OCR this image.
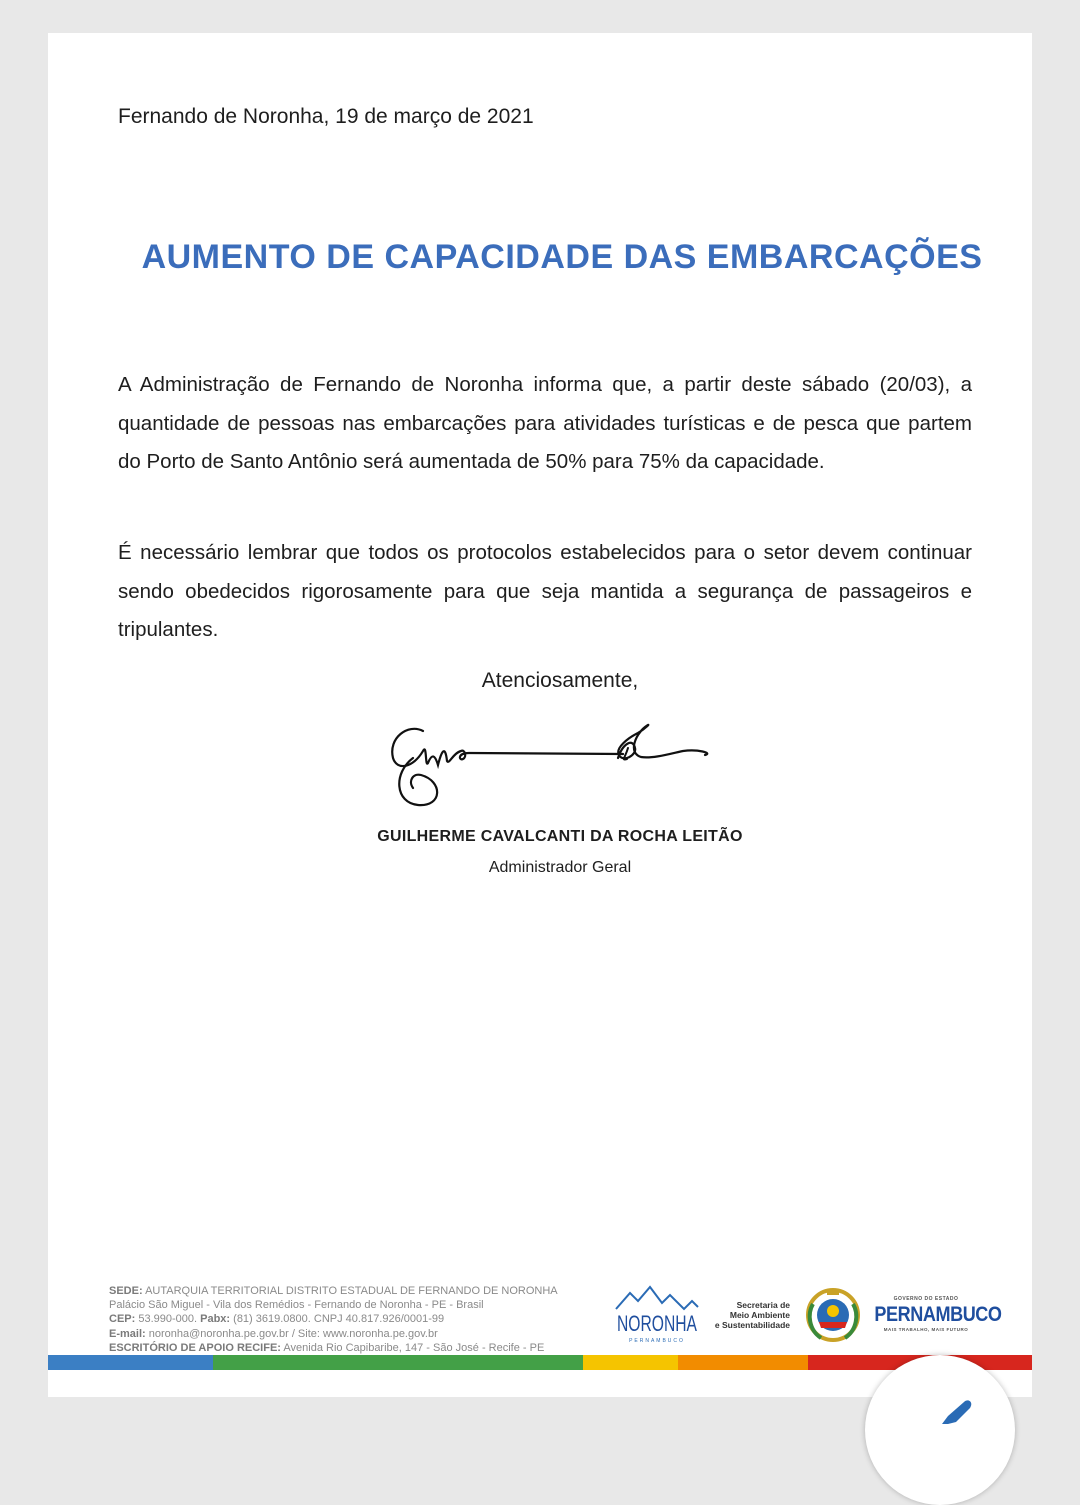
Fernando de Noronha, 19 de março de 2021
AUMENTO DE CAPACIDADE DAS EMBARCAÇÕES
A Administração de Fernando de Noronha informa que, a partir deste sábado (20/03), a quantidade de pessoas nas embarcações para atividades turísticas e de pesca que partem do Porto de Santo Antônio será aumentada de 50% para 75% da capacidade.
É necessário lembrar que todos os protocolos estabelecidos para o setor devem continuar sendo obedecidos rigorosamente para que seja mantida a segurança de passageiros e tripulantes.
Atenciosamente,
GUILHERME CAVALCANTI DA ROCHA LEITÃO
Administrador Geral
SEDE: AUTARQUIA TERRITORIAL DISTRITO ESTADUAL DE FERNANDO DE NORONHA
Palácio São Miguel - Vila dos Remédios - Fernando de Noronha - PE - Brasil
CEP: 53.990-000. Pabx: (81) 3619.0800. CNPJ 40.817.926/0001-99
E-mail: noronha@noronha.pe.gov.br / Site: www.noronha.pe.gov.br
ESCRITÓRIO DE APOIO RECIFE: Avenida Rio Capibaribe, 147 - São José - Recife - PE
NORONHA
PERNAMBUCO
Secretaria de
Meio Ambiente
e Sustentabilidade
GOVERNO DO ESTADO
PERNAMBUCO
MAIS TRABALHO, MAIS FUTURO
